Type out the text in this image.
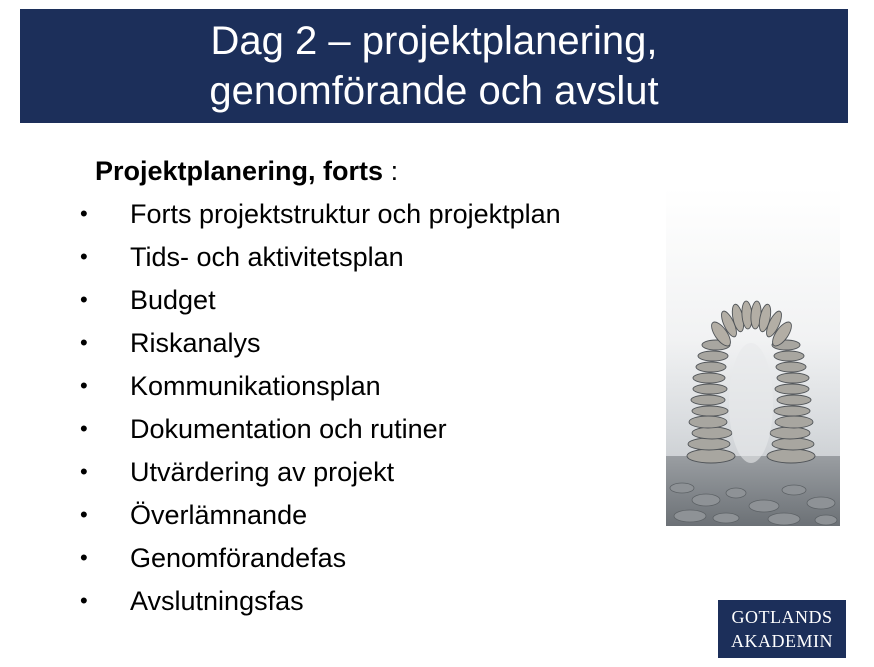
Dag 2 – projektplanering,
genomförande och avslut
Projektplanering, forts :
•	Forts projektstruktur och projektplan
•	Tids- och aktivitetsplan
•	Budget
•	Riskanalys
•	Kommunikationsplan
•	Dokumentation och rutiner
•	Utvärdering av projekt
•	Överlämnande
•	Genomförandefas
•	Avslutningsfas
GOTLANDS
AKADEMIN
